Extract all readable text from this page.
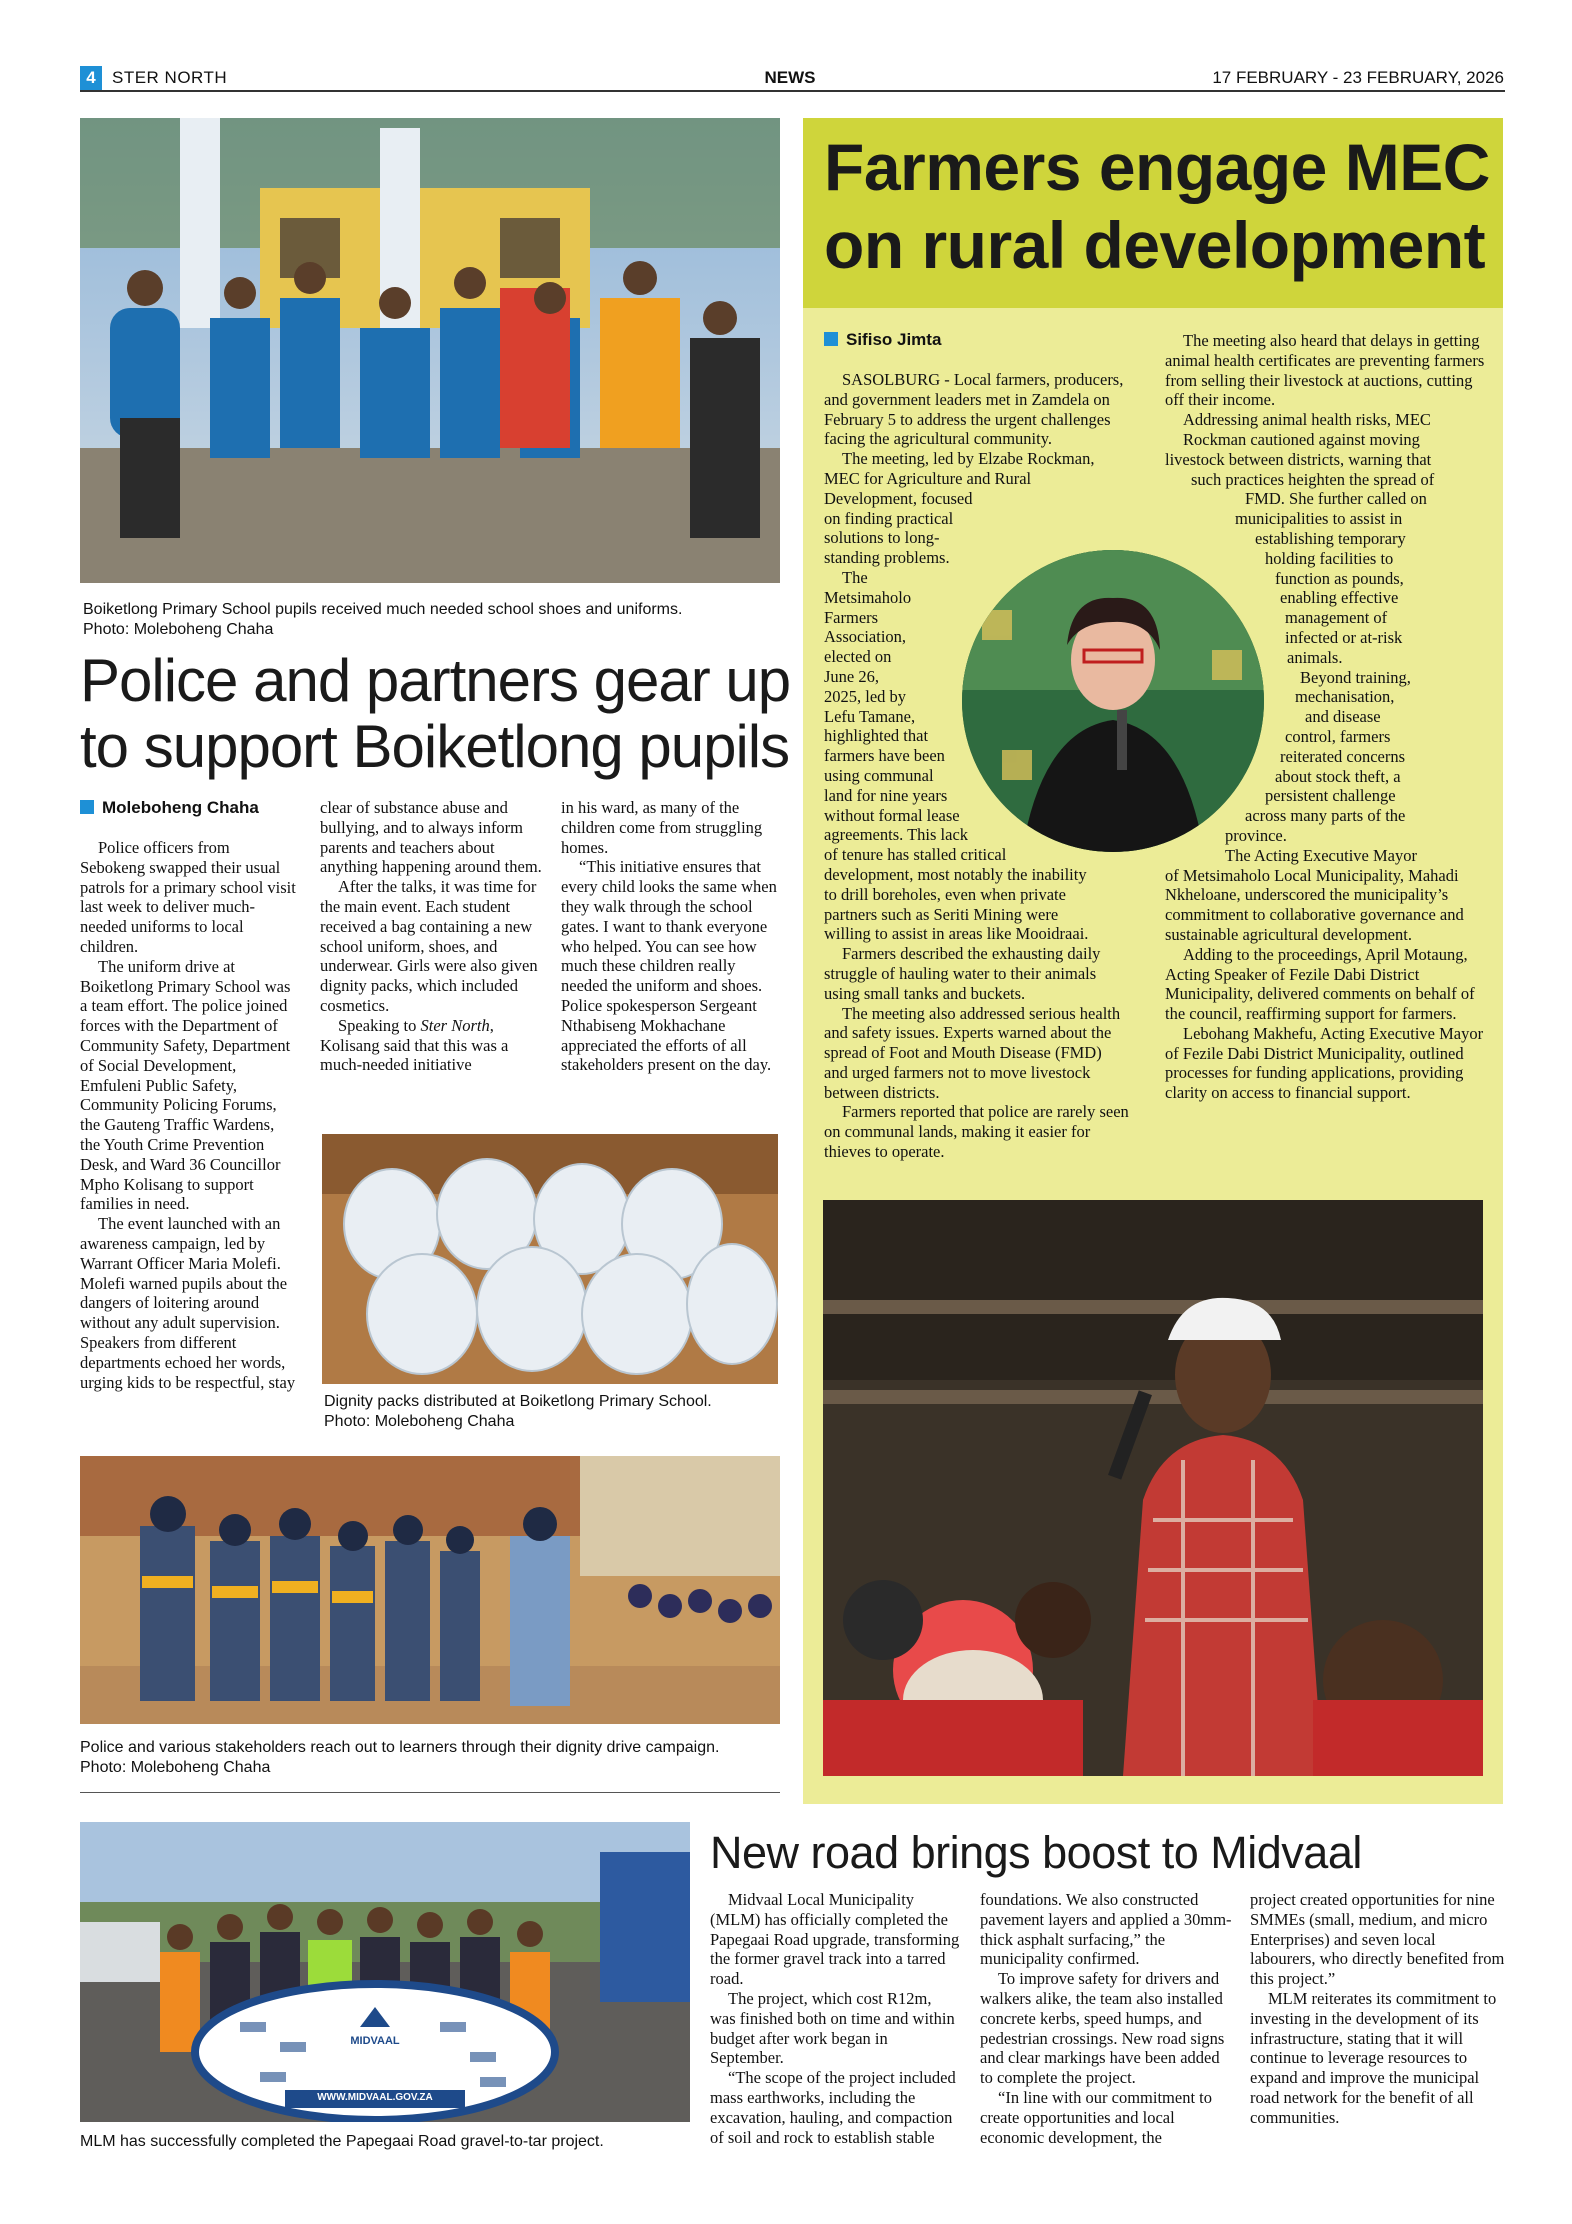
4 STER NORTH	NEWS	17 FEBRUARY - 23 FEBRUARY, 2026
Boiketlong Primary School pupils received much needed school shoes and uniforms.
Photo: Moleboheng Chaha
Police and partners gear up
to support Boiketlong pupils
Moleboheng Chaha

Police officers from Sebokeng swapped their usual patrols for a primary school visit last week to deliver much-needed uniforms to local children.

The uniform drive at Boiketlong Primary School was a team effort. The police joined forces with the Department of Community Safety, Department of Social Development, Emfuleni Public Safety, Community Policing Forums, the Gauteng Traffic Wardens, the Youth Crime Prevention Desk, and Ward 36 Councillor Mpho Kolisang to support families in need.

The event launched with an awareness campaign, led by Warrant Officer Maria Molefi. Molefi warned pupils about the dangers of loitering around without any adult supervision. Speakers from different departments echoed her words, urging kids to be respectful, stay

clear of substance abuse and bullying, and to always inform parents and teachers about anything happening around them.

After the talks, it was time for the main event. Each student received a bag containing a new school uniform, shoes, and underwear. Girls were also given dignity packs, which included cosmetics.

Speaking to Ster North, Kolisang said that this was a much-needed initiative

in his ward, as many of the children come from struggling homes.

“This initiative ensures that every child looks the same when they walk through the school gates. I want to thank everyone who helped. You can see how much these children really needed the uniform and shoes. Police spokesperson Sergeant Nthabiseng Mokhachane appreciated the efforts of all stakeholders present on the day.

Dignity packs distributed at Boiketlong Primary School.
Photo: Moleboheng Chaha
Police and various stakeholders reach out to learners through their dignity drive campaign.
Photo: Moleboheng Chaha
Farmers engage MEC
on rural development
Sifiso Jimta

SASOLBURG - Local farmers, producers, and government leaders met in Zamdela on February 5 to address the urgent challenges facing the agricultural community.

The meeting, led by Elzabe Rockman,
MEC for Agriculture and Rural
Development, focused
on finding practical
solutions to long-
standing problems.
The
Metsimaholo
Farmers
Association,
elected on
June 26,
2025, led by
Lefu Tamane,
highlighted that
farmers have been
using communal
land for nine years
without formal lease
agreements. This lack
of tenure has stalled critical
development, most notably the inability
to drill boreholes, even when private
partners such as Seriti Mining were
willing to assist in areas like Mooidraai.

Farmers described the exhausting daily struggle of hauling water to their animals using small tanks and buckets.

The meeting also addressed serious health and safety issues. Experts warned about the spread of Foot and Mouth Disease (FMD) and urged farmers not to move livestock between districts.

Farmers reported that police are rarely seen on communal lands, making it easier for thieves to operate.

The meeting also heard that delays in getting animal health certificates are preventing farmers from selling their livestock at auctions, cutting off their income.

Addressing animal health risks, MEC
Rockman cautioned against moving
livestock between districts, warning that
such practices heighten the spread of
FMD. She further called on
municipalities to assist in
establishing temporary
holding facilities to
function as pounds,
enabling effective
management of
infected or at-risk
animals.
Beyond training,
mechanisation,
and disease
control, farmers
reiterated concerns
about stock theft, a
persistent challenge
across many parts of the
province.
The Acting Executive Mayor

of Metsimaholo Local Municipality, Mahadi Nkheloane, underscored the municipality’s commitment to collaborative governance and sustainable agricultural development.

Adding to the proceedings, April Motaung, Acting Speaker of Fezile Dabi District Municipality, delivered comments on behalf of the council, reaffirming support for farmers.

Lebohang Makhefu, Acting Executive Mayor of Fezile Dabi District Municipality, outlined processes for funding applications, providing clarity on access to financial support.

MIDVAAL
WWW.MIDVAAL.GOV.ZA
MLM has successfully completed the Papegaai Road gravel-to-tar project.
New road brings boost to Midvaal

Midvaal Local Municipality (MLM) has officially completed the Papegaai Road upgrade, transforming the former gravel track into a tarred road.

The project, which cost R12m, was finished both on time and within budget after work began in September.

“The scope of the project included mass earthworks, including the excavation, hauling, and compaction of soil and rock to establish stable

foundations. We also constructed pavement layers and applied a 30mm-thick asphalt surfacing,” the municipality confirmed.

To improve safety for drivers and walkers alike, the team also installed concrete kerbs, speed humps, and pedestrian crossings. New road signs and clear markings have been added to complete the project.

“In line with our commitment to create opportunities and local economic development, the

project created opportunities for nine SMMEs (small, medium, and micro Enterprises) and seven local labourers, who directly benefited from this project.”

MLM reiterates its commitment to investing in the development of its infrastructure, stating that it will continue to leverage resources to expand and improve the municipal road network for the benefit of all communities.
